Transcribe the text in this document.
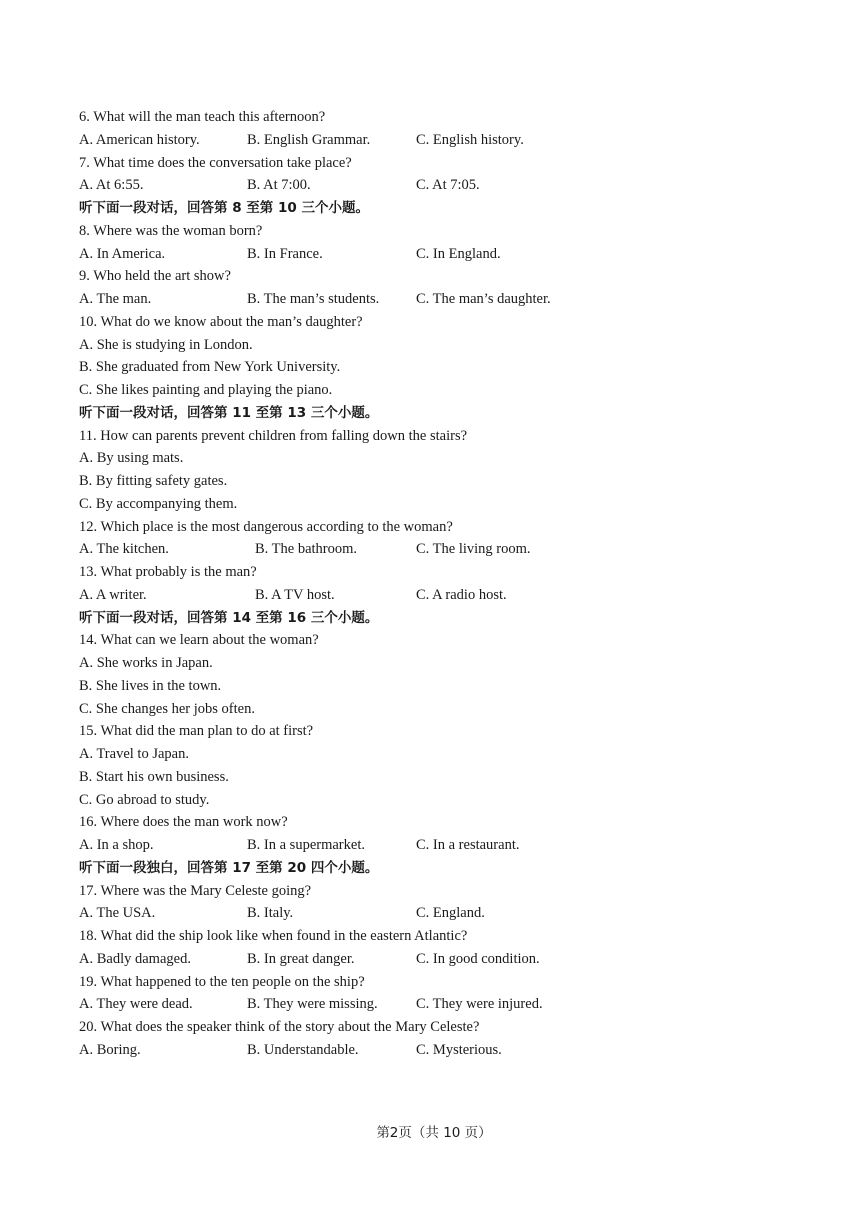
6. What will the man teach this afternoon?
A. American history.	B. English Grammar.	C. English history.
7. What time does the conversation take place?
A. At 6:55.	B. At 7:00.	C. At 7:05.
听下面一段对话，回答第 8 至第 10 三个小题。
8. Where was the woman born?
A. In America.	B. In France.	C. In England.
9. Who held the art show?
A. The man.	B. The man’s students.	C. The man’s daughter.
10. What do we know about the man’s daughter?
A. She is studying in London.
B. She graduated from New York University.
C. She likes painting and playing the piano.
听下面一段对话，回答第 11 至第 13 三个小题。
11. How can parents prevent children from falling down the stairs?
A. By using mats.
B. By fitting safety gates.
C. By accompanying them.
12. Which place is the most dangerous according to the woman?
A. The kitchen.	B. The bathroom.	C. The living room.
13. What probably is the man?
A. A writer.	B. A TV host.	C. A radio host.
听下面一段对话，回答第 14 至第 16 三个小题。
14. What can we learn about the woman?
A. She works in Japan.
B. She lives in the town.
C. She changes her jobs often.
15. What did the man plan to do at first?
A. Travel to Japan.
B. Start his own business.
C. Go abroad to study.
16. Where does the man work now?
A. In a shop.	B. In a supermarket.	C. In a restaurant.
听下面一段独白，回答第 17 至第 20 四个小题。
17. Where was the Mary Celeste going?
A. The USA.	B. Italy.	C. England.
18. What did the ship look like when found in the eastern Atlantic?
A. Badly damaged.	B. In great danger.	C. In good condition.
19. What happened to the ten people on the ship?
A. They were dead.	B. They were missing.	C. They were injured.
20. What does the speaker think of the story about the Mary Celeste?
A. Boring.	B. Understandable.	C. Mysterious.
第2页（共 10 页）
